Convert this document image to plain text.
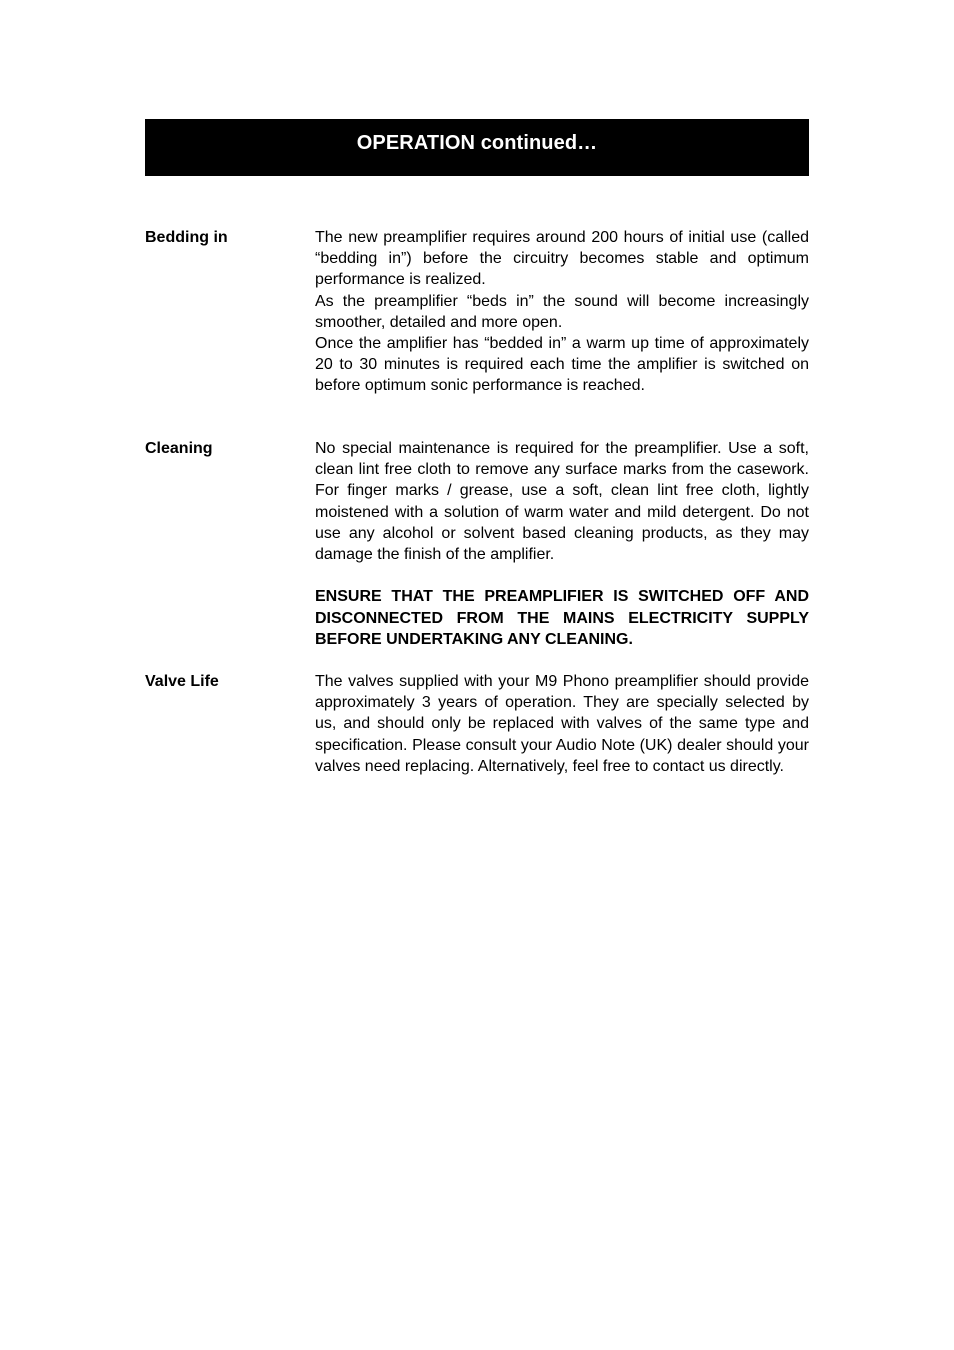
OPERATION continued…
Bedding in	The new preamplifier requires around 200 hours of initial use (called “bedding in”) before the circuitry becomes stable and optimum performance is realized.

As the preamplifier “beds in” the sound will become increasingly smoother, detailed and more open.

Once the amplifier has “bedded in” a warm up time of approximately 20 to 30 minutes is required each time the amplifier is switched on before optimum sonic performance is reached.

Cleaning	No special maintenance is required for the preamplifier. Use a soft, clean lint free cloth to remove any surface marks from the casework. For finger marks / grease, use a soft, clean lint free cloth, lightly moistened with a solution of warm water and mild detergent. Do not use any alcohol or solvent based cleaning products, as they may damage the finish of the amplifier.

ENSURE THAT THE PREAMPLIFIER IS SWITCHED OFF AND DISCONNECTED FROM THE MAINS ELECTRICITY SUPPLY BEFORE UNDERTAKING ANY CLEANING.

Valve Life	The valves supplied with your M9 Phono preamplifier should provide approximately 3 years of operation. They are specially selected by us, and should only be replaced with valves of the same type and specification. Please consult your Audio Note (UK) dealer should your valves need replacing. Alternatively, feel free to contact us directly.
